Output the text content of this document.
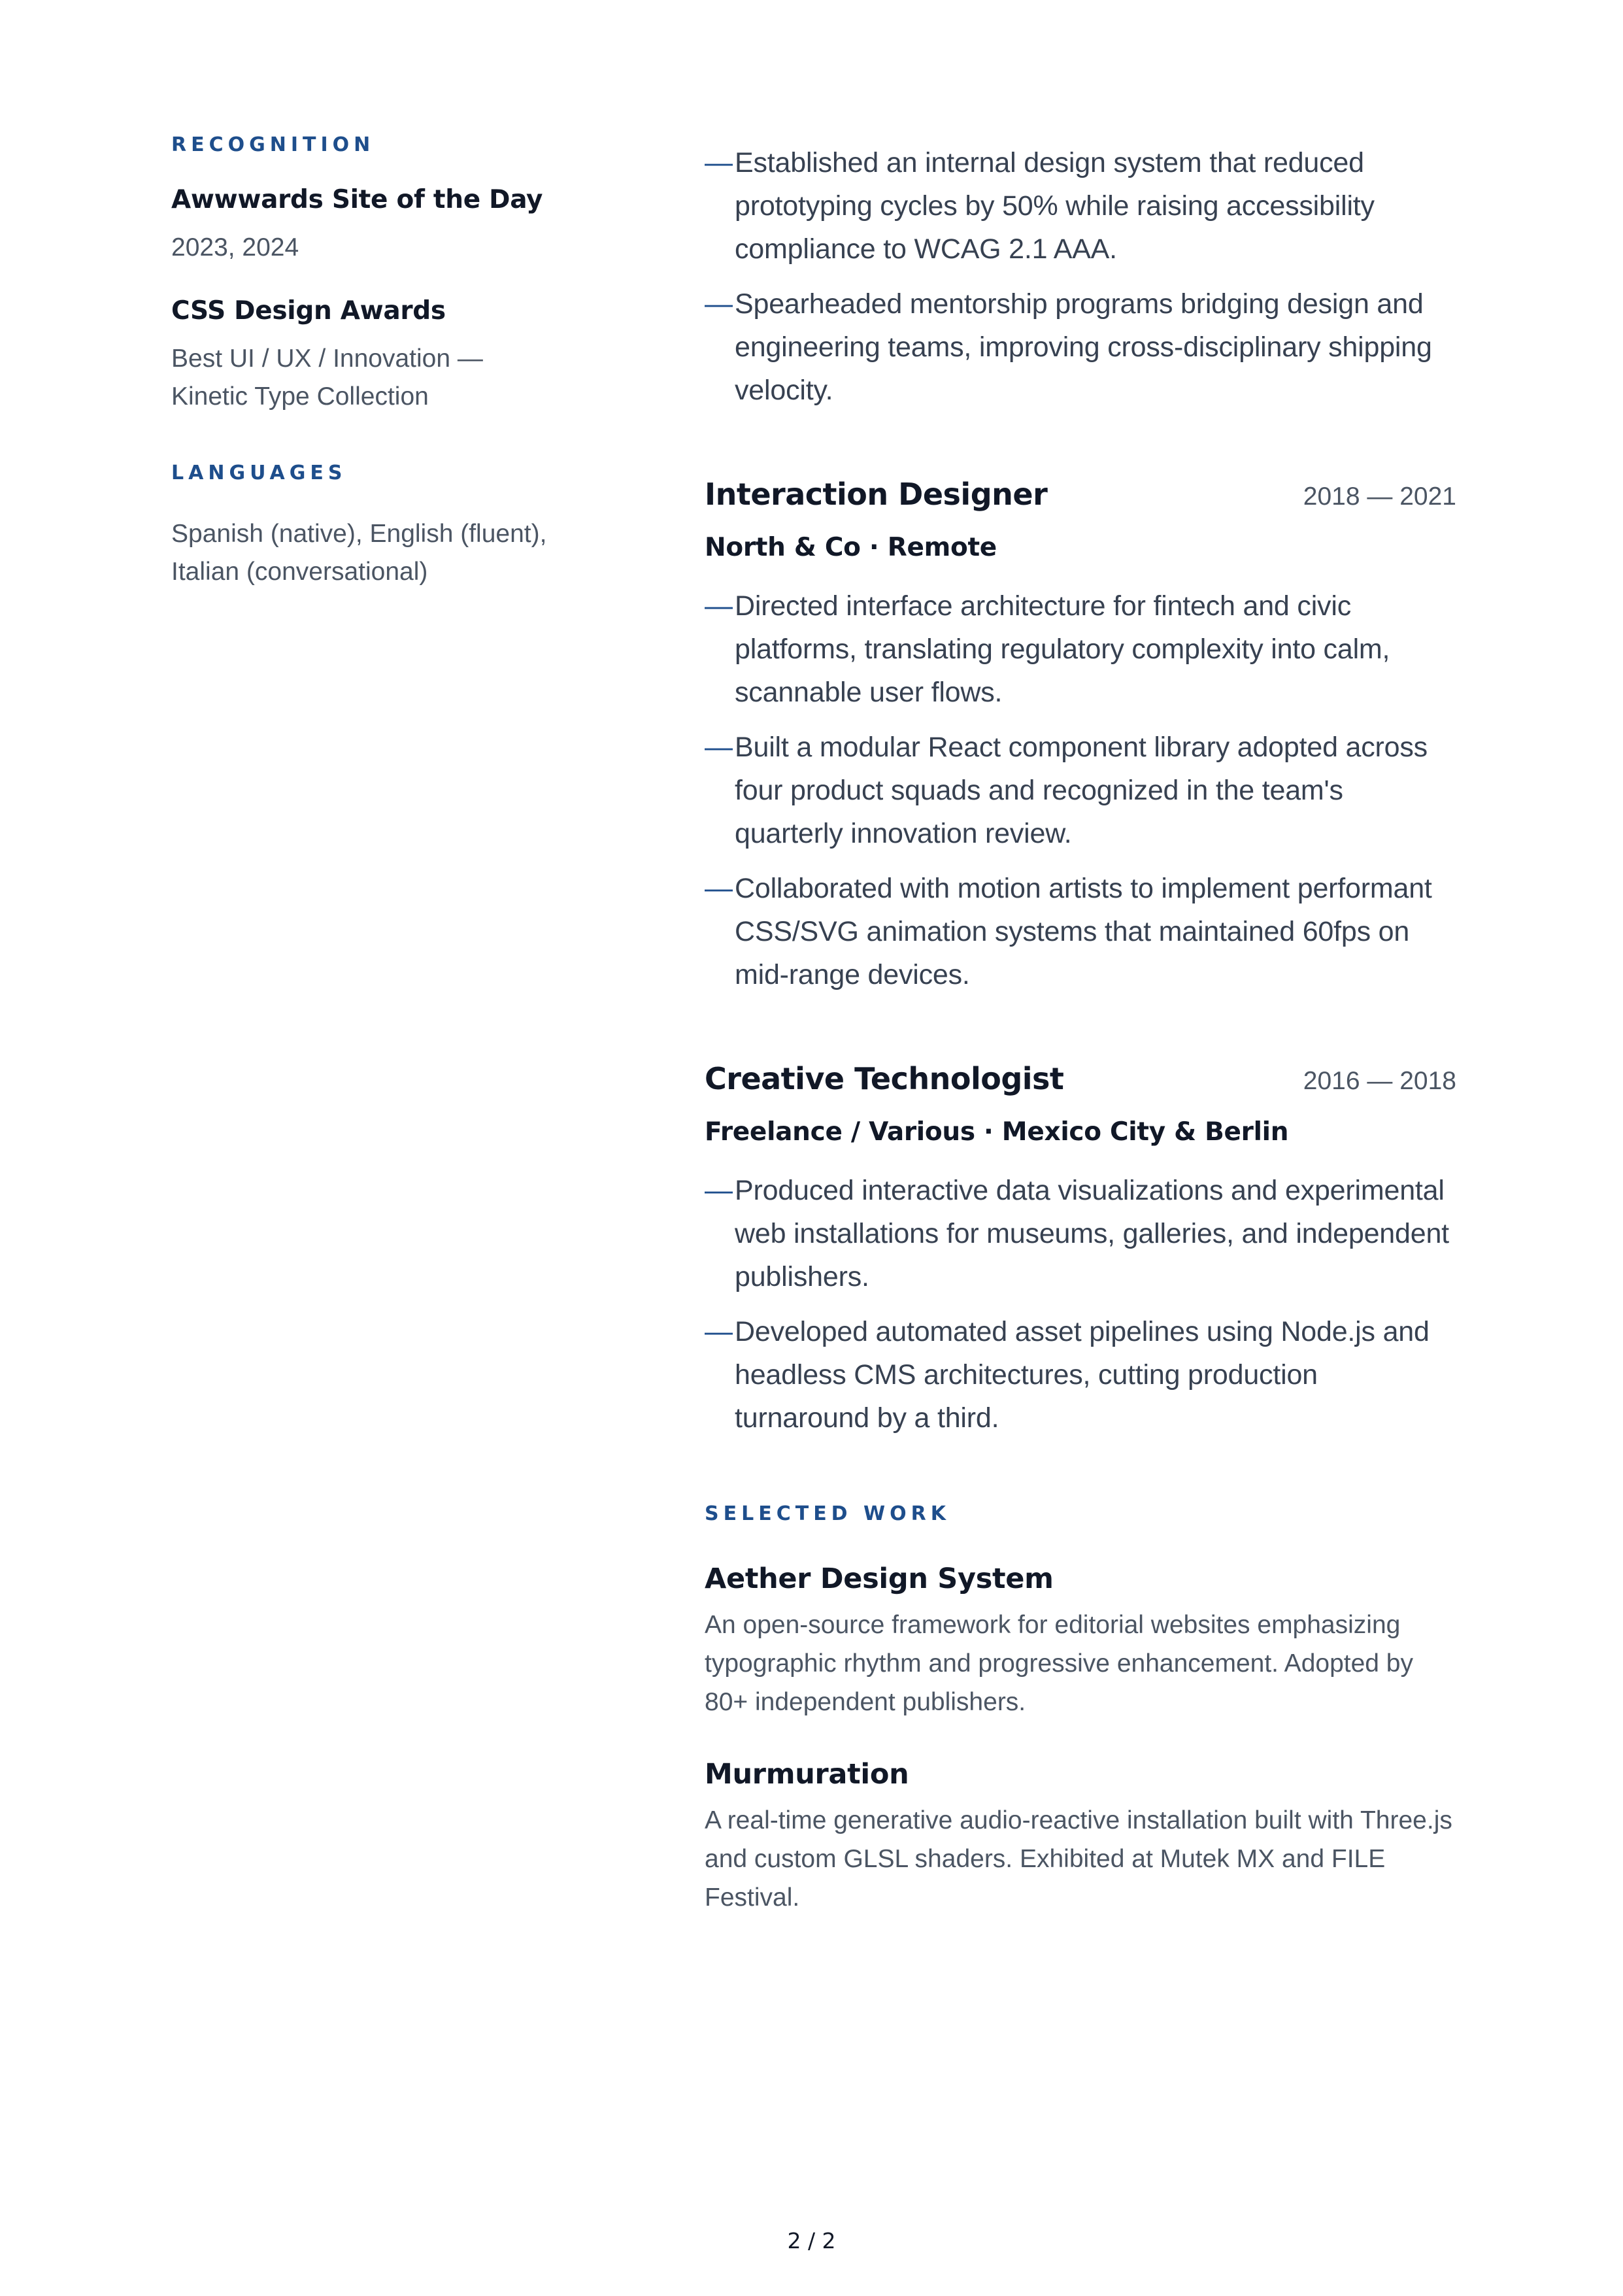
RECOGNITION
Awwwards Site of the Day
2023, 2024
CSS Design Awards
Best UI / UX / Innovation —
Kinetic Type Collection
LANGUAGES
Spanish (native), English (fluent),
Italian (conversational)
— Established an internal design system that reduced prototyping cycles by 50% while raising accessibility compliance to WCAG 2.1 AAA.
— Spearheaded mentorship programs bridging design and engineering teams, improving cross-disciplinary shipping velocity.
Interaction Designer	2018 — 2021
North & Co · Remote
— Directed interface architecture for fintech and civic platforms, translating regulatory complexity into calm, scannable user flows.
— Built a modular React component library adopted across four product squads and recognized in the team's quarterly innovation review.
— Collaborated with motion artists to implement performant CSS/SVG animation systems that maintained 60fps on mid-range devices.
Creative Technologist	2016 — 2018
Freelance / Various · Mexico City & Berlin
— Produced interactive data visualizations and experimental web installations for museums, galleries, and independent publishers.
— Developed automated asset pipelines using Node.js and headless CMS architectures, cutting production turnaround by a third.
SELECTED WORK
Aether Design System
An open-source framework for editorial websites emphasizing typographic rhythm and progressive enhancement. Adopted by 80+ independent publishers.
Murmuration
A real-time generative audio-reactive installation built with Three.js and custom GLSL shaders. Exhibited at Mutek MX and FILE Festival.
2 / 2
